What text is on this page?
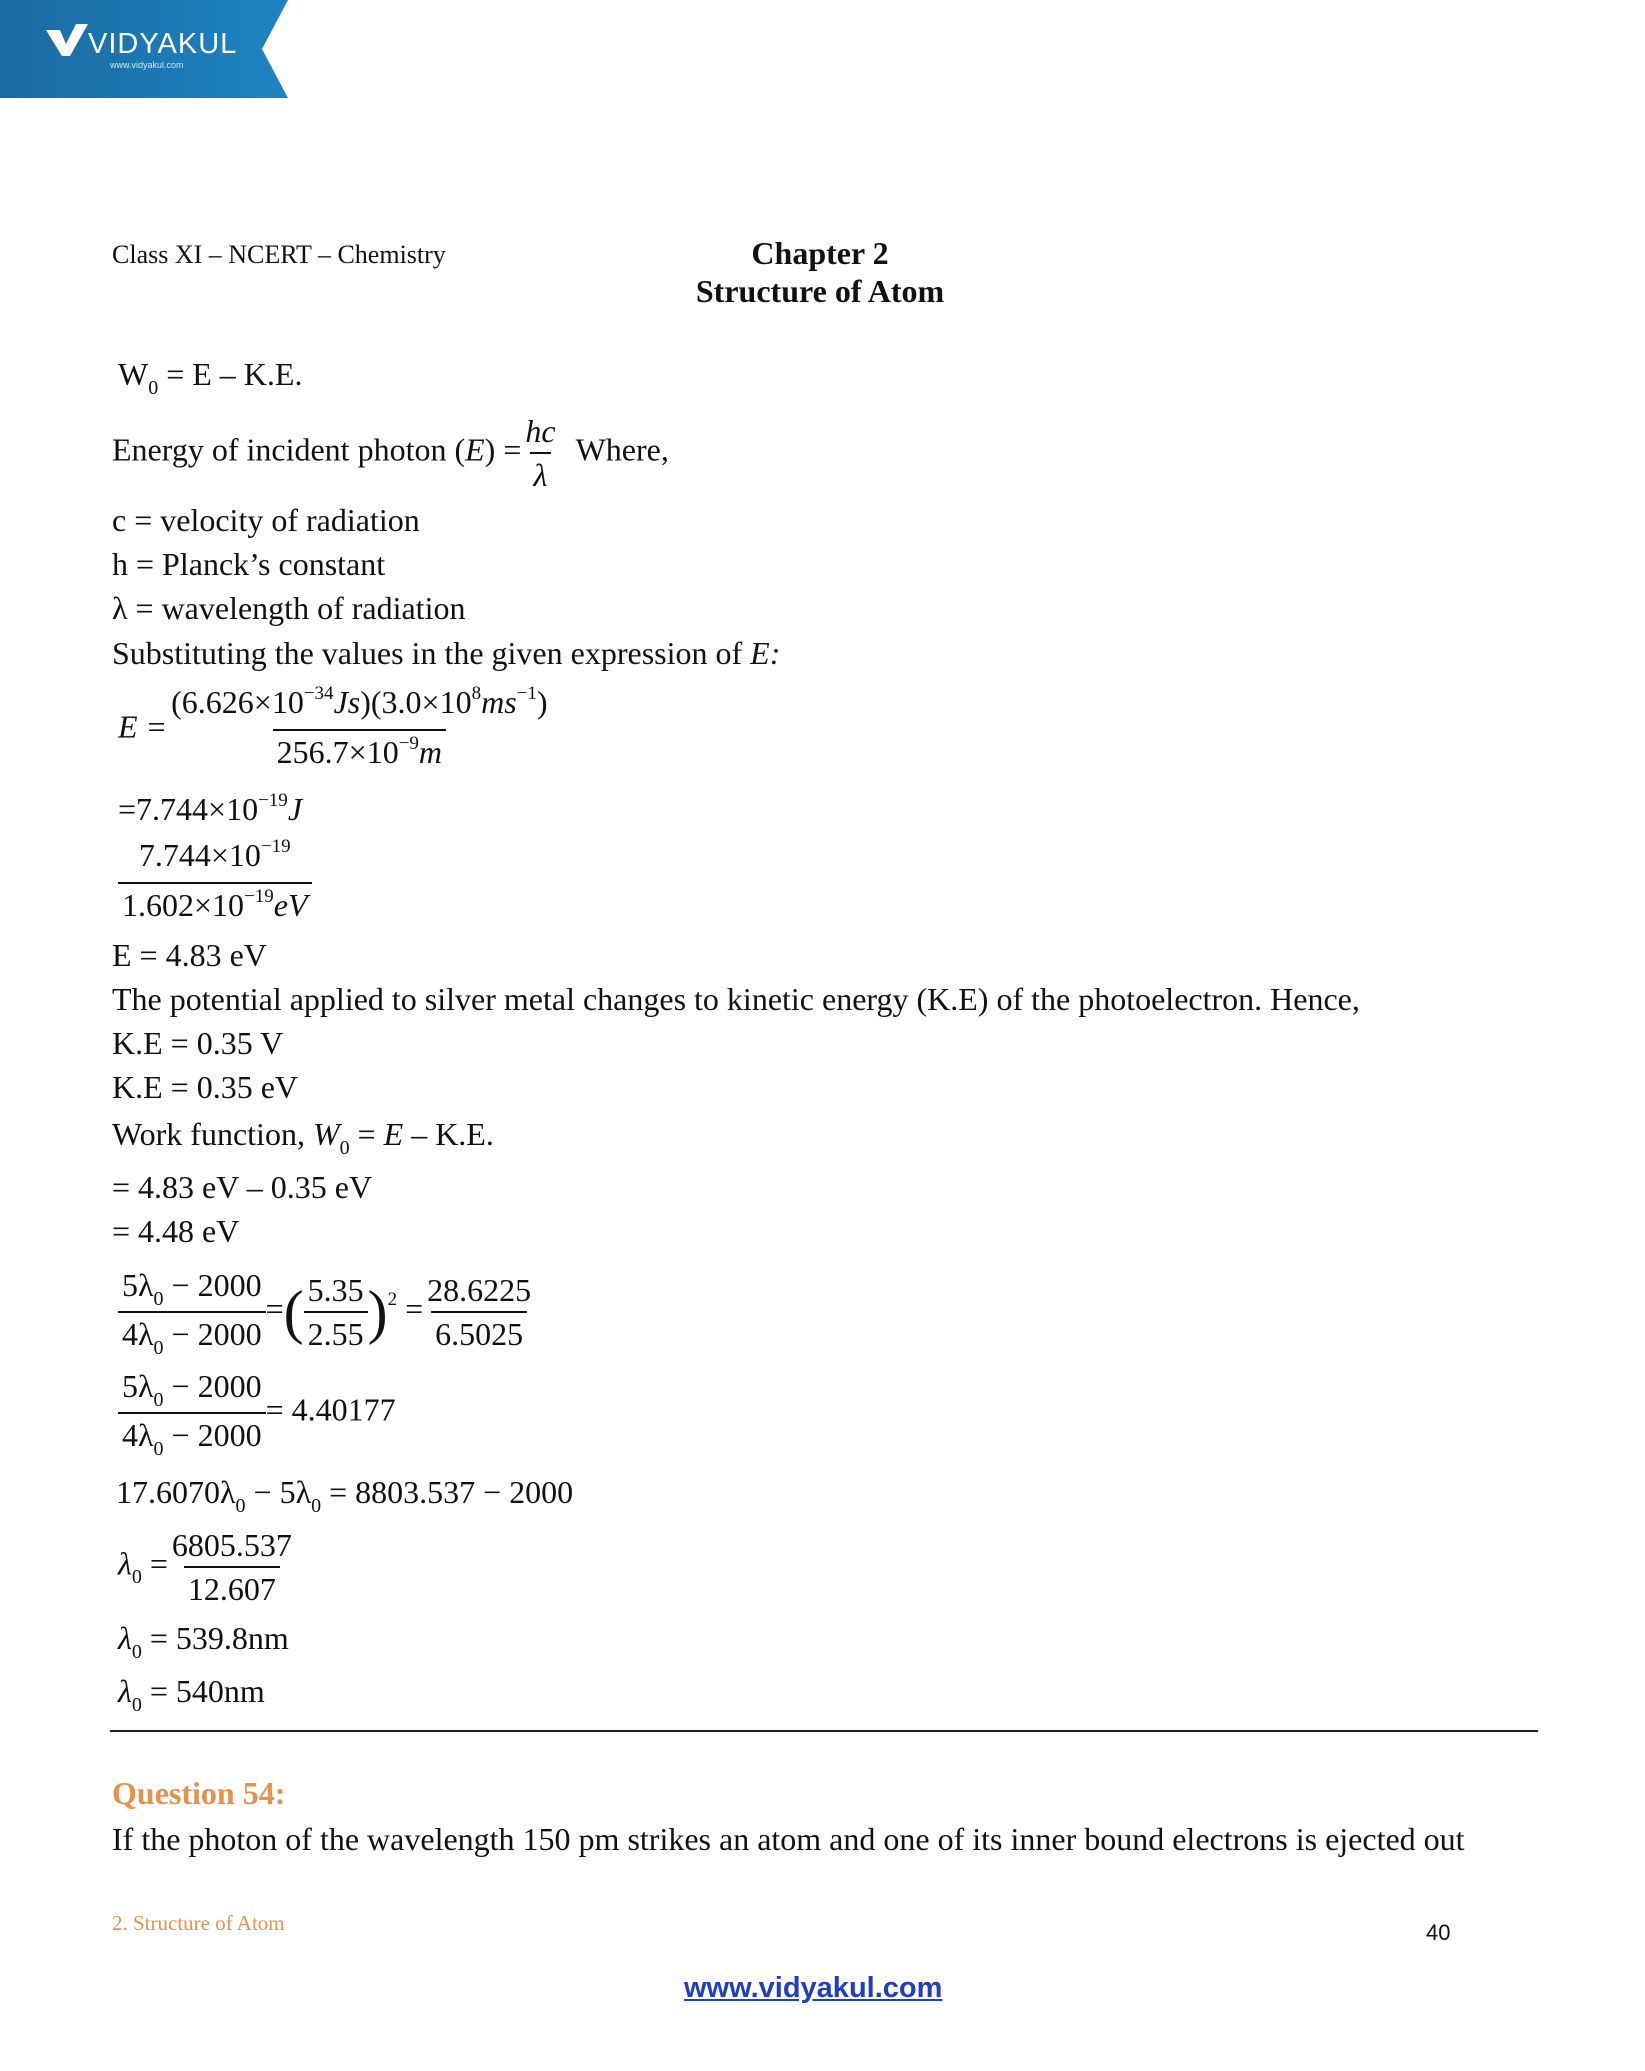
VIDYAKUL
www.vidyakul.com
Class XI – NCERT – Chemistry	Chapter 2
Structure of Atom
$W_0 = E - K.E$.
Energy of incident photon $(E) = \frac{hc}{\lambda}$ Where,
c = velocity of radiation
h = Planck’s constant
λ = wavelength of radiation
Substituting the values in the given expression of E:
$E = \frac{(6.626\times 10^{-34}Js)(3.0\times 10^8ms^{-1})}{256.7\times 10^{-9}m}$
$=7.744\times 10^{-19}J$
$\frac{7.744\times 10^{-19}}{1.602\times 10^{-19}eV}$
E = 4.83 eV
The potential applied to silver metal changes to kinetic energy (K.E) of the photoelectron. Hence,
K.E = 0.35 V
K.E = 0.35 eV
Work function, $W_0 = E - K.E$.
= 4.83 eV – 0.35 eV
= 4.48 eV
$\frac{5\lambda_0 - 2000}{4\lambda_0 - 2000}$ =( $\frac{5.35}{2.55} )^2 = \frac{28.6225}{6.5025}$
$\frac{5\lambda_0 - 2000}{4\lambda_0 - 2000} = 4.40177$
$17.6070\lambda_0 - 5\lambda_0 = 8803.537 - 2000$
$\lambda_0 = \frac{6805.537}{12.607}$
$\lambda_0 = 539.8nm$
$\lambda_0 = 540nm$
Question 54:
If the photon of the wavelength 150 pm strikes an atom and one of its inner bound electrons is ejected out
2. Structure of Atom	40
www.vidyakul.com
